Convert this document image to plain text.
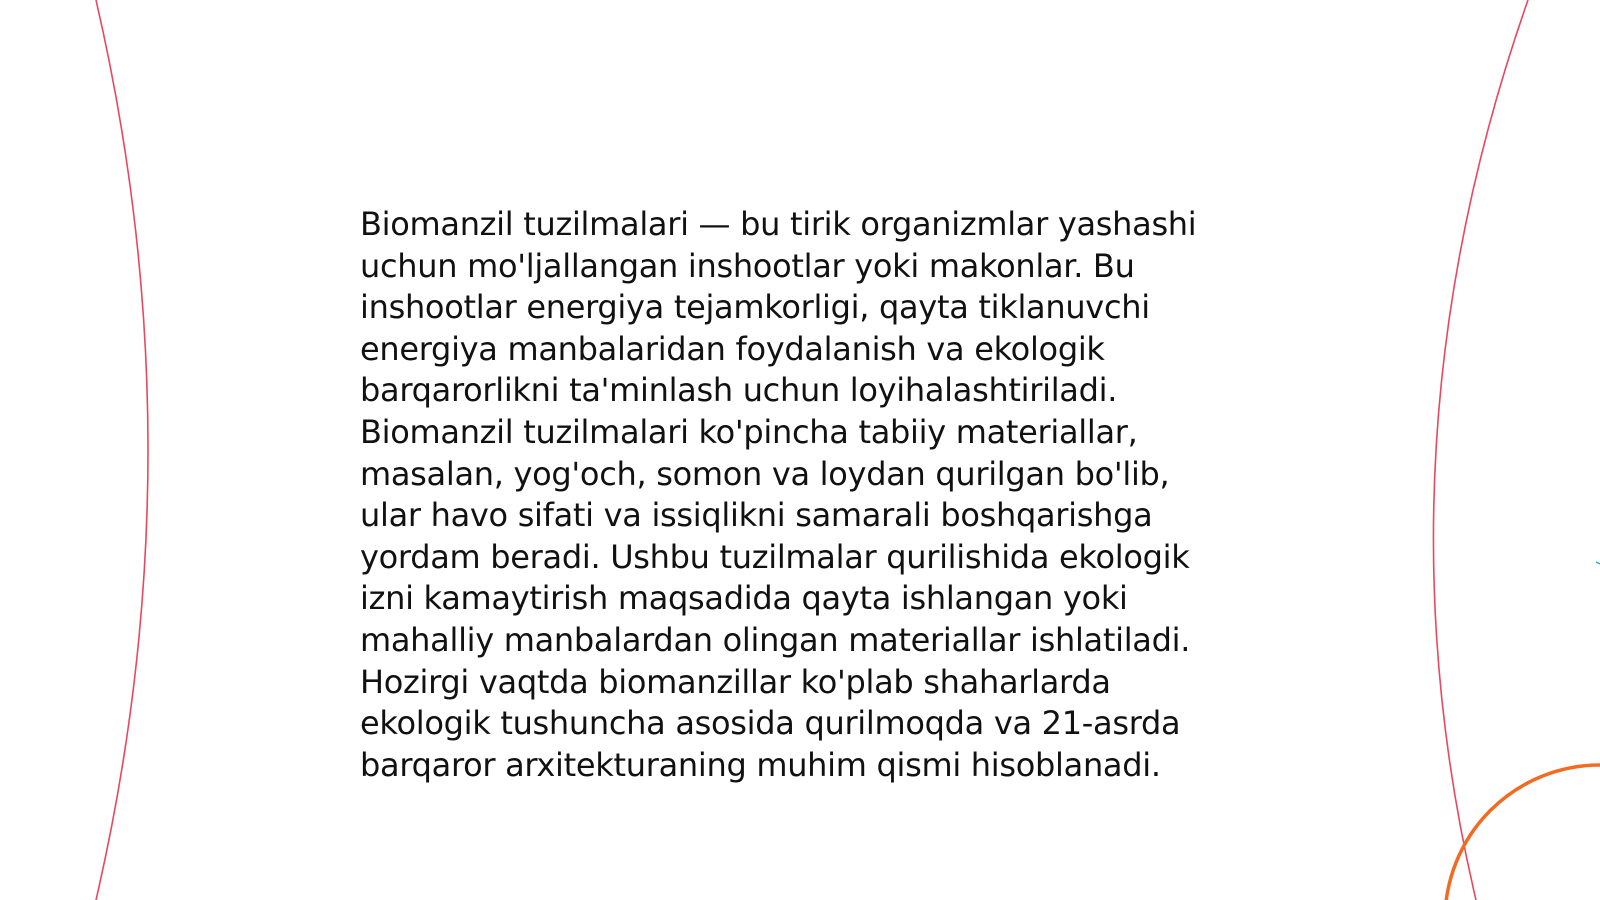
Biomanzil tuzilmalari — bu tirik organizmlar yashashi
uchun mo'ljallangan inshootlar yoki makonlar. Bu
inshootlar energiya tejamkorligi, qayta tiklanuvchi
energiya manbalaridan foydalanish va ekologik
barqarorlikni ta'minlash uchun loyihalashtiriladi.
Biomanzil tuzilmalari ko'pincha tabiiy materiallar,
masalan, yog'och, somon va loydan qurilgan bo'lib,
ular havo sifati va issiqlikni samarali boshqarishga
yordam beradi. Ushbu tuzilmalar qurilishida ekologik
izni kamaytirish maqsadida qayta ishlangan yoki
mahalliy manbalardan olingan materiallar ishlatiladi.
Hozirgi vaqtda biomanzillar ko'plab shaharlarda
ekologik tushuncha asosida qurilmoqda va 21-asrda
barqaror arxitekturaning muhim qismi hisoblanadi.
